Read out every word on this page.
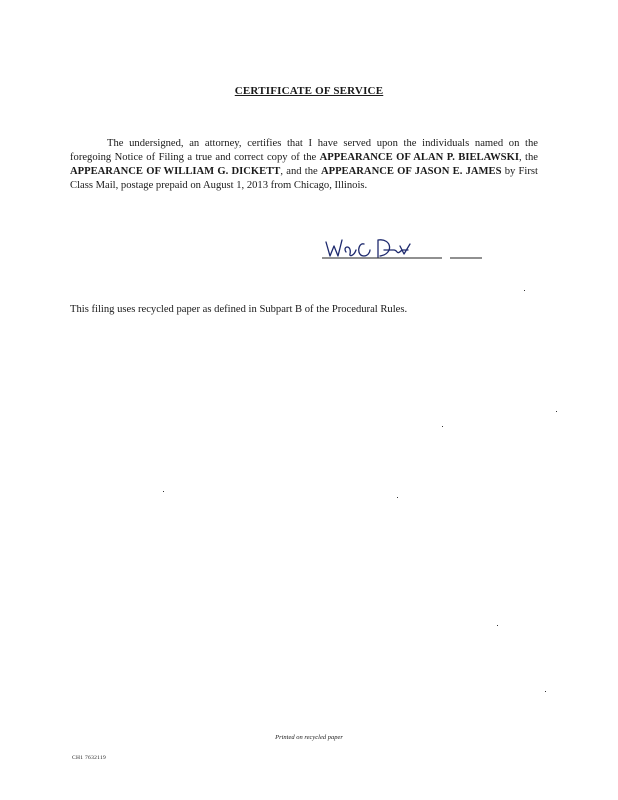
CERTIFICATE OF SERVICE

The undersigned, an attorney, certifies that I have served upon the individuals named on the foregoing Notice of Filing a true and correct copy of the APPEARANCE OF ALAN P. BIELAWSKI, the APPEARANCE OF WILLIAM G. DICKETT, and the APPEARANCE OF JASON E. JAMES by First Class Mail, postage prepaid on August 1, 2013 from Chicago, Illinois.

This filing uses recycled paper as defined in Subpart B of the Procedural Rules.

Printed on recycled paper
CH1 7632119
